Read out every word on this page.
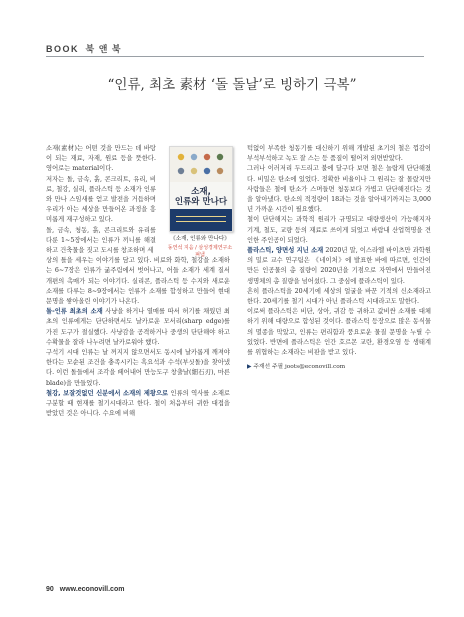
BOOK 북 앤 북
“인류, 최초 素材 ‘돌 돌날’로 빙하기 극복”

소재(素材)는 어떤 것을 만드는 데 바탕이 되는 재료, 자재, 원료 등을 뜻한다. 영어로는 material이다.

저자는 돌, 금속, 흙, 콘크리트, 유리, 비료, 철강, 실리, 플라스틱 등 소재가 인류와 만나 스임새를 얻고 발전을 거듭하며 우리가 아는 세상을 만들어온 과정을 흥미롭게 재구성하고 있다.

돌, 금속, 청동, 흙, 콘크리트와 유리를 다룬 1~5장에서는 인류가 끼니를 해결하고 건축물을 짓고 도시를 창조하며 세

상의 틀을 세우는 이야기를 담고 있다. 비료와 화학, 철강을 소재하는 6~7장은 인류가 굶주림에서 벗어나고, 어들 소재가 세계 질서 개편의 촉매가 되는 이야기다. 실리콘, 플라스틱 등 수지와 새로운 소재를 다루는 8~9장에서는 인류가 소재를 합성하고 만들어 현대 문명을 쌓아올린 이야기가 나온다.

돌-인류 최초의 소재 사냥을 하거나 열매를 따서 허기를 채웠던 최초의 인류에게는 단단하면서도 날카로운 모서리(sharp edge)를 가진 도구가 절실했다. 사냥감을 공격하거나 중생의 단단해야 하고 수확물을 잘라 나누려면 날카로워야 했다.

구석기 시대 인류는 날 꺼지지 않으면서도 동시에 날카롭게 깨져야 한다는 모순된 조건을 충족시키는 흑요석과 수석(부싯돌)을 찾아냈다. 이런 돌들에서 조각을 떼어내어 만능도구 창출날(細石刃), 마른 blade)을 만들었다.

철강, 보잘것없던 신분에서 소재의 제왕으로 인류의 역사를 소재로 구분할 때 현재를 철기시대라고 한다. 철이 처음부터 귀한 대접을 받았던 것은 아니다. 수요에 비해

소재,
인류와 만나다
《소재, 인류와 만나다》
동연석 지음 / 삼성경제연구소 펴냄

턱없이 부족한 청동기를 대신하기 위해 개발된 초기의 철은 껍감이 부석부석하고 녹도 잘 스는 등 품질이 떨어져 외면받았다.

그러나 이러저리 두드리고 불에 달구다 보면 철은 놀랍게 단단해졌다. 비밀은 탄소에 있었다. 정확한 비율이나 그 원리는 잘 몰랐지만 사람들은 철에 탄소가 스며들면 청동보다 가볍고 단단해진다는 것을 알아냈다. 탄소의 적정량이 18과는 것을 알아내기까지는 3,000년 가까운 시간이 필요했다.

철이 단단해지는 과학적 원리가 규명되고 대량생산이 가능해지자 기계, 철도, 교량 등의 재료로 쓰이게 되었고 바람내 산업혁명을 견인한 주인공이 되었다.

플라스틱, 양면성 지닌 소재 2020년 말, 이스라엘 바이츠만 과학원의 밀로 교수 연구팀은 《네이처》에 발표한 바에 따르면, 인간이 만든 인공물의 총 질량이 2020년을 기점으로 자연에서 만들어진 생명체의 총 질량을 넘어섰다. 그 중심에 플라스틱이 있다.

흔히 플라스틱을 20세기에 세상의 얼굴을 바꾼 기적의 신소재라고 한다. 20세기를 철기 시대가 아닌 플라스틱 시대라고도 말한다.

이로써 플라스틱은 비단, 상아, 귀감 등 귀하고 값비싼 소재를 대체하기 위해 대량으로 합성된 것이다. 플라스틱 등장으로 많은 동식물의 멸종을 막았고, 인류는 편리함과 풍요로운 물질 문명을 누릴 수 있었다. 반면에 플라스틱은 인간 호르몬 교란, 환경오염 등 생태계를 위협하는 소재라는 비판을 받고 있다.

▶ 주재선 주필 joots@econovill.com
90 www.econovill.com
